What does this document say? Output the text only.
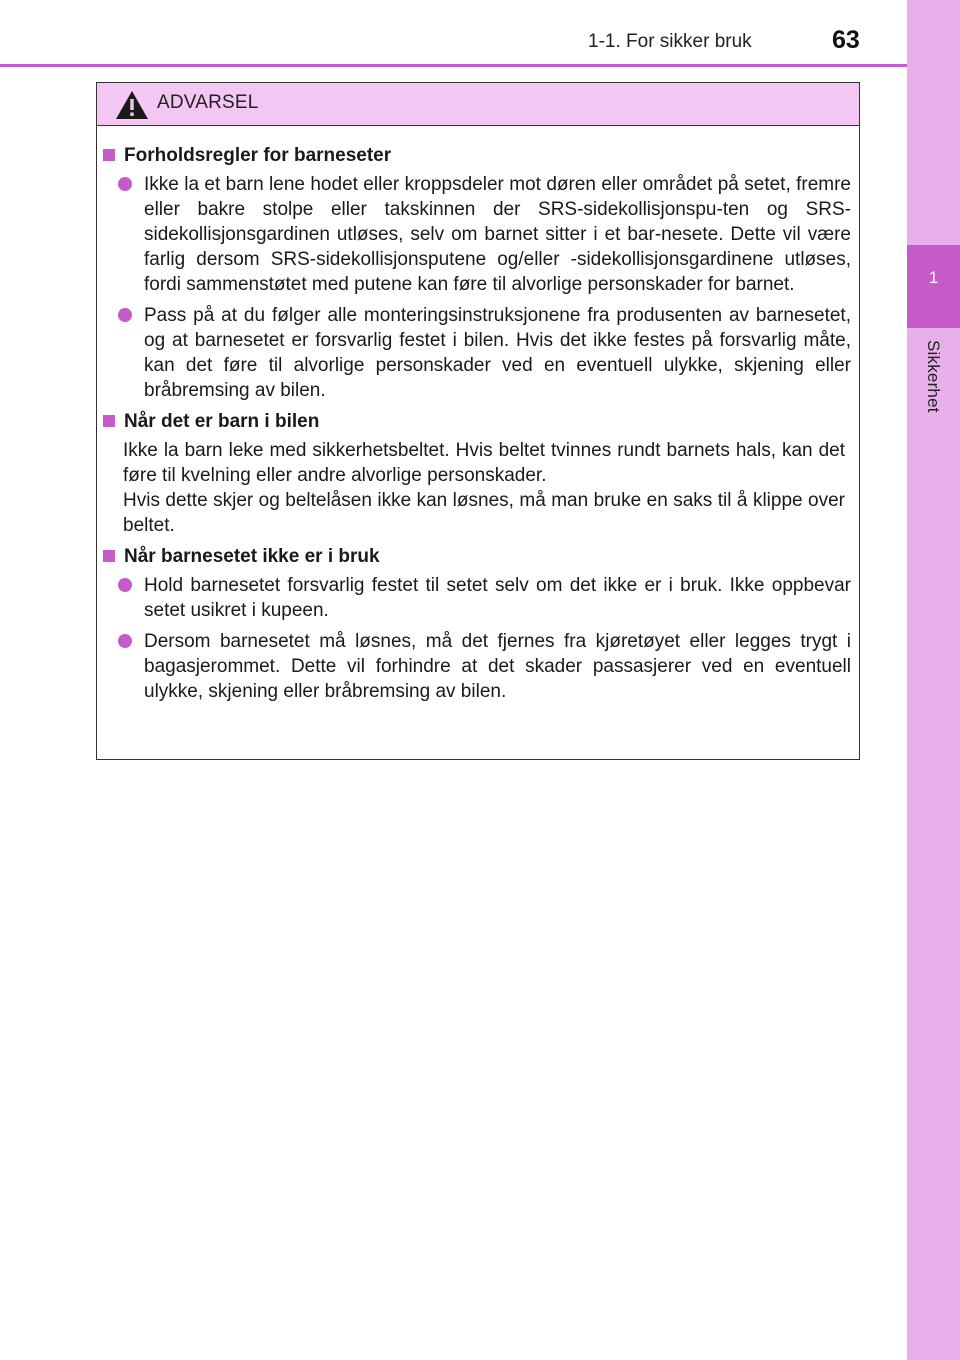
1
Sikkerhet
1-1. For sikker bruk	63
ADVARSEL
Forholdsregler for barneseter
Ikke la et barn lene hodet eller kroppsdeler mot døren eller området på setet, fremre eller bakre stolpe eller takskinnen der SRS-sidekollisjonspu-ten og SRS-sidekollisjonsgardinen utløses, selv om barnet sitter i et bar-nesete. Dette vil være farlig dersom SRS-sidekollisjonsputene og/eller -sidekollisjonsgardinene utløses, fordi sammenstøtet med putene kan føre til alvorlige personskader for barnet.
Pass på at du følger alle monteringsinstruksjonene fra produsenten av barnesetet, og at barnesetet er forsvarlig festet i bilen. Hvis det ikke festes på forsvarlig måte, kan det føre til alvorlige personskader ved en eventuell ulykke, skjening eller bråbremsing av bilen.
Når det er barn i bilen
Ikke la barn leke med sikkerhetsbeltet. Hvis beltet tvinnes rundt barnets hals, kan det føre til kvelning eller andre alvorlige personskader.
Hvis dette skjer og beltelåsen ikke kan løsnes, må man bruke en saks til å klippe over beltet.
Når barnesetet ikke er i bruk
Hold barnesetet forsvarlig festet til setet selv om det ikke er i bruk. Ikke oppbevar setet usikret i kupeen.
Dersom barnesetet må løsnes, må det fjernes fra kjøretøyet eller legges trygt i bagasjerommet. Dette vil forhindre at det skader passasjerer ved en eventuell ulykke, skjening eller bråbremsing av bilen.
